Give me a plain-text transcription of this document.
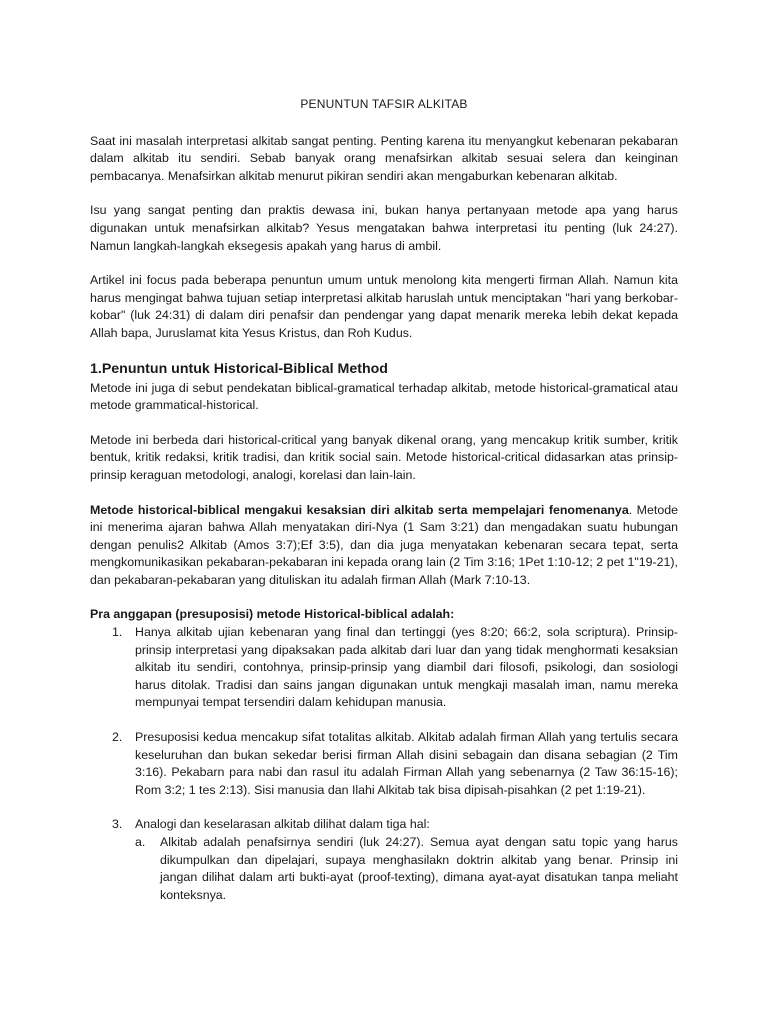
PENUNTUN TAFSIR ALKITAB

Saat ini masalah interpretasi alkitab sangat penting. Penting karena itu menyangkut kebenaran pekabaran dalam alkitab itu sendiri. Sebab banyak orang menafsirkan alkitab sesuai selera dan keinginan pembacanya. Menafsirkan alkitab menurut pikiran sendiri akan mengaburkan kebenaran alkitab.

Isu yang sangat penting dan praktis dewasa ini, bukan hanya pertanyaan metode apa yang harus digunakan untuk menafsirkan alkitab? Yesus mengatakan bahwa interpretasi itu penting (luk 24:27). Namun langkah-langkah eksegesis apakah yang harus di ambil.

Artikel ini focus pada beberapa penuntun umum untuk menolong kita mengerti firman Allah. Namun kita harus mengingat bahwa tujuan setiap interpretasi alkitab haruslah untuk menciptakan "hari yang berkobar-kobar" (luk 24:31) di dalam diri penafsir dan pendengar yang dapat menarik mereka lebih dekat kepada Allah bapa, Juruslamat kita Yesus Kristus, dan Roh Kudus.

1.Penuntun untuk Historical-Biblical Method

Metode ini juga di sebut pendekatan biblical-gramatical terhadap alkitab, metode historical-gramatical atau metode grammatical-historical.

Metode ini berbeda dari historical-critical yang banyak dikenal orang, yang mencakup kritik sumber, kritik bentuk, kritik redaksi, kritik tradisi, dan kritik social sain. Metode historical-critical didasarkan atas prinsip-prinsip keraguan metodologi, analogi, korelasi dan lain-lain.

Metode historical-biblical mengakui kesaksian diri alkitab serta mempelajari fenomenanya. Metode ini menerima ajaran bahwa Allah menyatakan diri-Nya (1 Sam 3:21) dan mengadakan suatu hubungan dengan penulis2 Alkitab (Amos 3:7);Ef 3:5), dan dia juga menyatakan kebenaran secara tepat, serta mengkomunikasikan pekabaran-pekabaran ini kepada orang lain (2 Tim 3:16; 1Pet 1:10-12; 2 pet 1"19-21), dan pekabaran-pekabaran yang dituliskan itu adalah firman Allah (Mark 7:10-13.

Pra anggapan (presuposisi) metode Historical-biblical adalah:
1. Hanya alkitab ujian kebenaran yang final dan tertinggi (yes 8:20; 66:2, sola scriptura). Prinsip-prinsip interpretasi yang dipaksakan pada alkitab dari luar dan yang tidak menghormati kesaksian alkitab itu sendiri, contohnya, prinsip-prinsip yang diambil dari filosofi, psikologi, dan sosiologi harus ditolak. Tradisi dan sains jangan digunakan untuk mengkaji masalah iman, namu mereka mempunyai tempat tersendiri dalam kehidupan manusia.
2. Presuposisi kedua mencakup sifat totalitas alkitab. Alkitab adalah firman Allah yang tertulis secara keseluruhan dan bukan sekedar berisi firman Allah disini sebagain dan disana sebagian (2 Tim 3:16). Pekabarn para nabi dan rasul itu adalah Firman Allah yang sebenarnya (2 Taw 36:15-16); Rom 3:2; 1 tes 2:13). Sisi manusia dan Ilahi Alkitab tak bisa dipisah-pisahkan (2 pet 1:19-21).
3. Analogi dan keselarasan alkitab dilihat dalam tiga hal:
a. Alkitab adalah penafsirnya sendiri (luk 24:27). Semua ayat dengan satu topic yang harus dikumpulkan dan dipelajari, supaya menghasilakn doktrin alkitab yang benar. Prinsip ini jangan dilihat dalam arti bukti-ayat (proof-texting), dimana ayat-ayat disatukan tanpa meliaht konteksnya.
